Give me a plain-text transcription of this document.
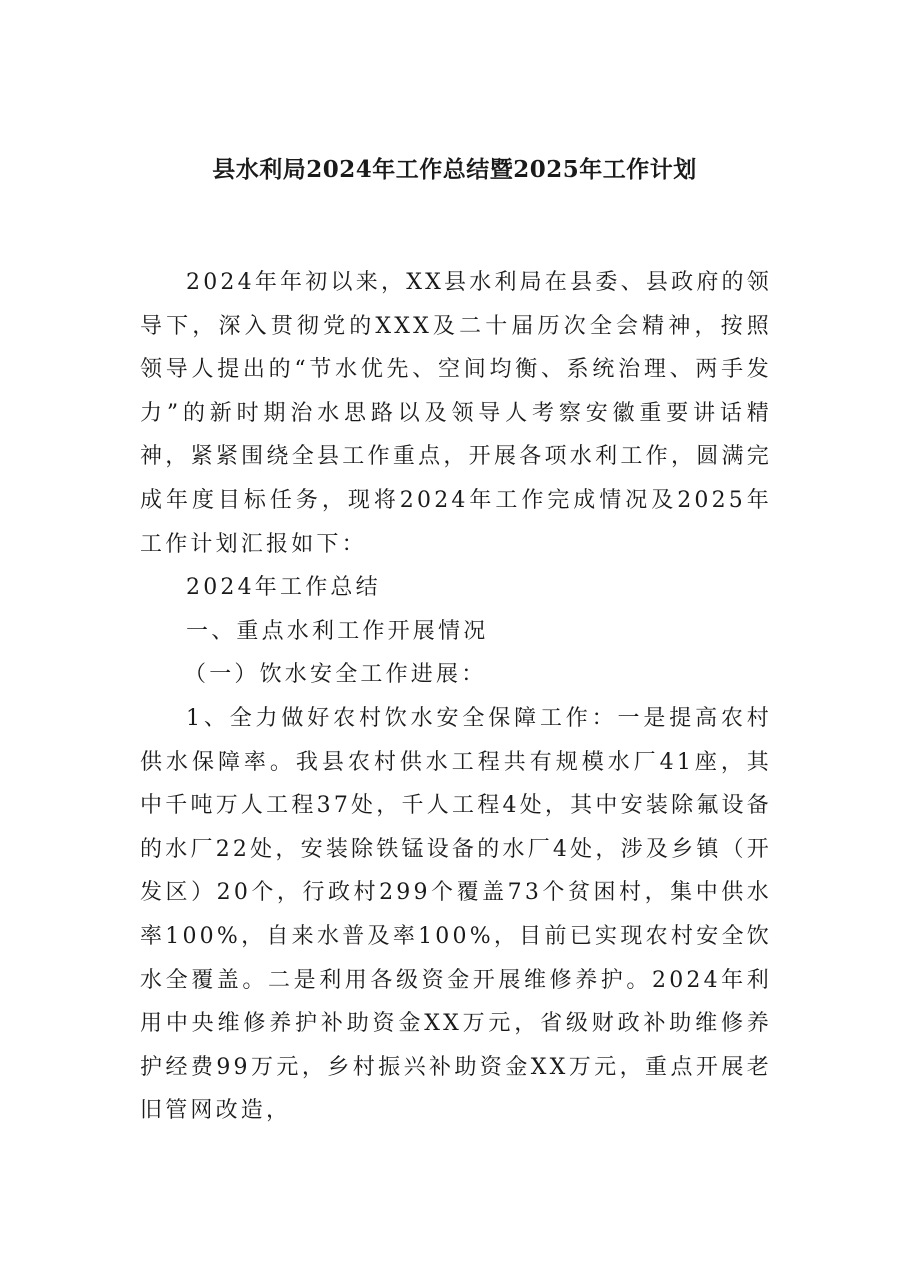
县水利局2024年工作总结暨2025年工作计划

2024年年初以来，XX县水利局在县委、县政府的领导下，深入贯彻党的XXX及二十届历次全会精神，按照领导人提出的“节水优先、空间均衡、系统治理、两手发力”的新时期治水思路以及领导人考察安徽重要讲话精神，紧紧围绕全县工作重点，开展各项水利工作，圆满完成年度目标任务，现将2024年工作完成情况及2025年工作计划汇报如下：

2024年工作总结

一、重点水利工作开展情况

（一）饮水安全工作进展：

1、全力做好农村饮水安全保障工作：一是提高农村供水保障率。我县农村供水工程共有规模水厂41座，其中千吨万人工程37处，千人工程4处，其中安装除氟设备的水厂22处，安装除铁锰设备的水厂4处，涉及乡镇（开发区）20个，行政村299个覆盖73个贫困村，集中供水率100%，自来水普及率100%，目前已实现农村安全饮水全覆盖。二是利用各级资金开展维修养护。2024年利用中央维修养护补助资金XX万元，省级财政补助维修养护经费99万元，乡村振兴补助资金XX万元，重点开展老旧管网改造，
